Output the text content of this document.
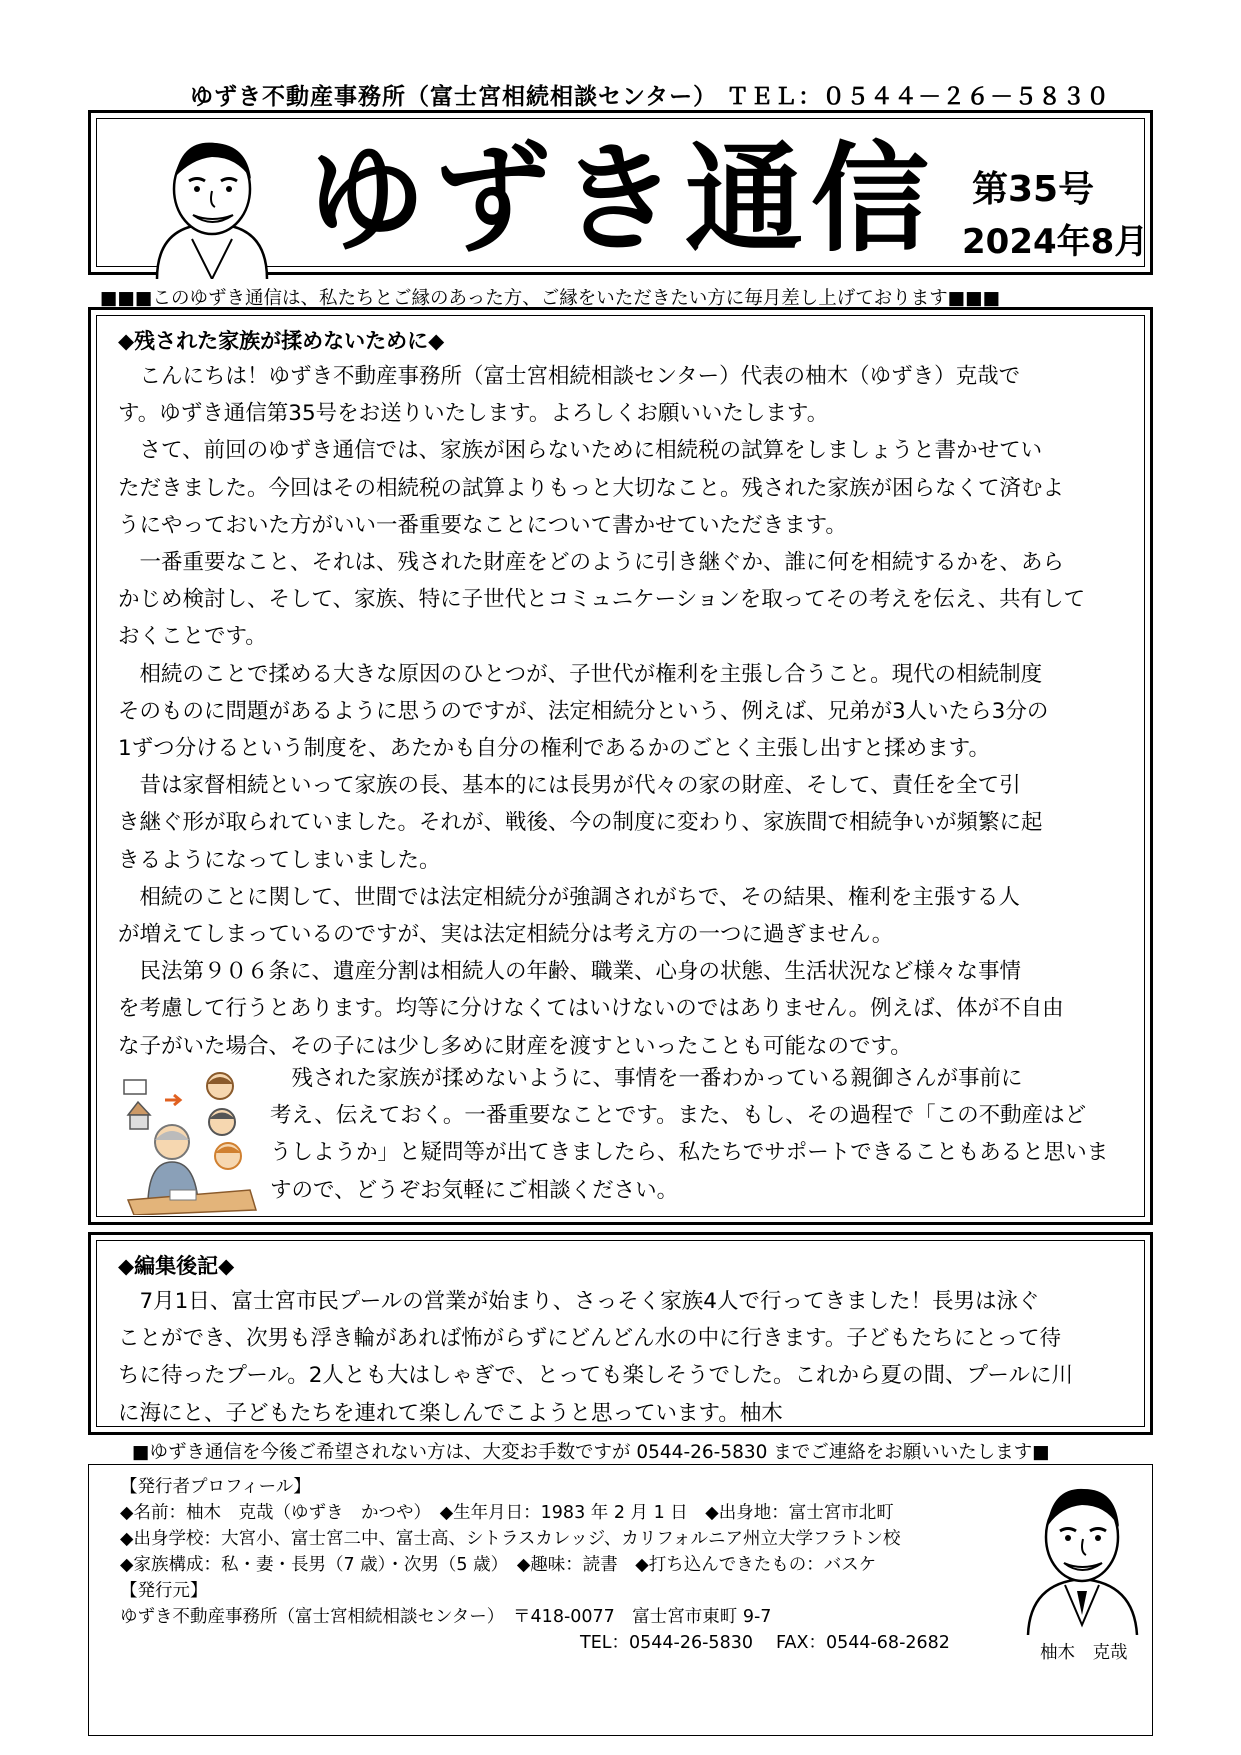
ゆずき不動産事務所（富士宮相続相談センター） ＴＥＬ：０５４４－２６－５８３０
ゆずき通信 第35号
2024年8月
■■■このゆずき通信は、私たちとご縁のあった方、ご縁をいただきたい方に毎月差し上げております■■■
◆残された家族が揉めないために◆
　こんにちは！ゆずき不動産事務所（富士宮相続相談センター）代表の柚木（ゆずき）克哉で
す。ゆずき通信第35号をお送りいたします。よろしくお願いいたします。
　さて、前回のゆずき通信では、家族が困らないために相続税の試算をしましょうと書かせてい
ただきました。今回はその相続税の試算よりもっと大切なこと。残された家族が困らなくて済むよ
うにやっておいた方がいい一番重要なことについて書かせていただきます。
　一番重要なこと、それは、残された財産をどのように引き継ぐか、誰に何を相続するかを、あら
かじめ検討し、そして、家族、特に子世代とコミュニケーションを取ってその考えを伝え、共有して
おくことです。
　相続のことで揉める大きな原因のひとつが、子世代が権利を主張し合うこと。現代の相続制度
そのものに問題があるように思うのですが、法定相続分という、例えば、兄弟が3人いたら3分の
1ずつ分けるという制度を、あたかも自分の権利であるかのごとく主張し出すと揉めます。
　昔は家督相続といって家族の長、基本的には長男が代々の家の財産、そして、責任を全て引
き継ぐ形が取られていました。それが、戦後、今の制度に変わり、家族間で相続争いが頻繁に起
きるようになってしまいました。
　相続のことに関して、世間では法定相続分が強調されがちで、その結果、権利を主張する人
が増えてしまっているのですが、実は法定相続分は考え方の一つに過ぎません。
　民法第９０６条に、遺産分割は相続人の年齢、職業、心身の状態、生活状況など様々な事情
を考慮して行うとあります。均等に分けなくてはいけないのではありません。例えば、体が不自由
な子がいた場合、その子には少し多めに財産を渡すといったことも可能なのです。
　残された家族が揉めないように、事情を一番わかっている親御さんが事前に
考え、伝えておく。一番重要なことです。また、もし、その過程で「この不動産はど
うしようか」と疑問等が出てきましたら、私たちでサポートできることもあると思いま
すので、どうぞお気軽にご相談ください。
◆編集後記◆
　7月1日、富士宮市民プールの営業が始まり、さっそく家族4人で行ってきました！長男は泳ぐ
ことができ、次男も浮き輪があれば怖がらずにどんどん水の中に行きます。子どもたちにとって待
ちに待ったプール。2人とも大はしゃぎで、とっても楽しそうでした。これから夏の間、プールに川
に海にと、子どもたちを連れて楽しんでこようと思っています。柚木
■ゆずき通信を今後ご希望されない方は、大変お手数ですが 0544-26-5830 までご連絡をお願いいたします■
【発行者プロフィール】
◆名前：柚木　克哉（ゆずき　かつや）　◆生年月日：1983 年 2 月 1 日　◆出身地：富士宮市北町
◆出身学校：大宮小、富士宮二中、富士高、シトラスカレッジ、カリフォルニア州立大学フラトン校
◆家族構成：私・妻・長男（7 歳）・次男（5 歳）　◆趣味：読書　◆打ち込んできたもの：バスケ
【発行元】
ゆずき不動産事務所（富士宮相続相談センター）　〒418-0077　富士宮市東町 9-7
TEL：0544-26-5830　 FAX：0544-68-2682	柚木　克哉
